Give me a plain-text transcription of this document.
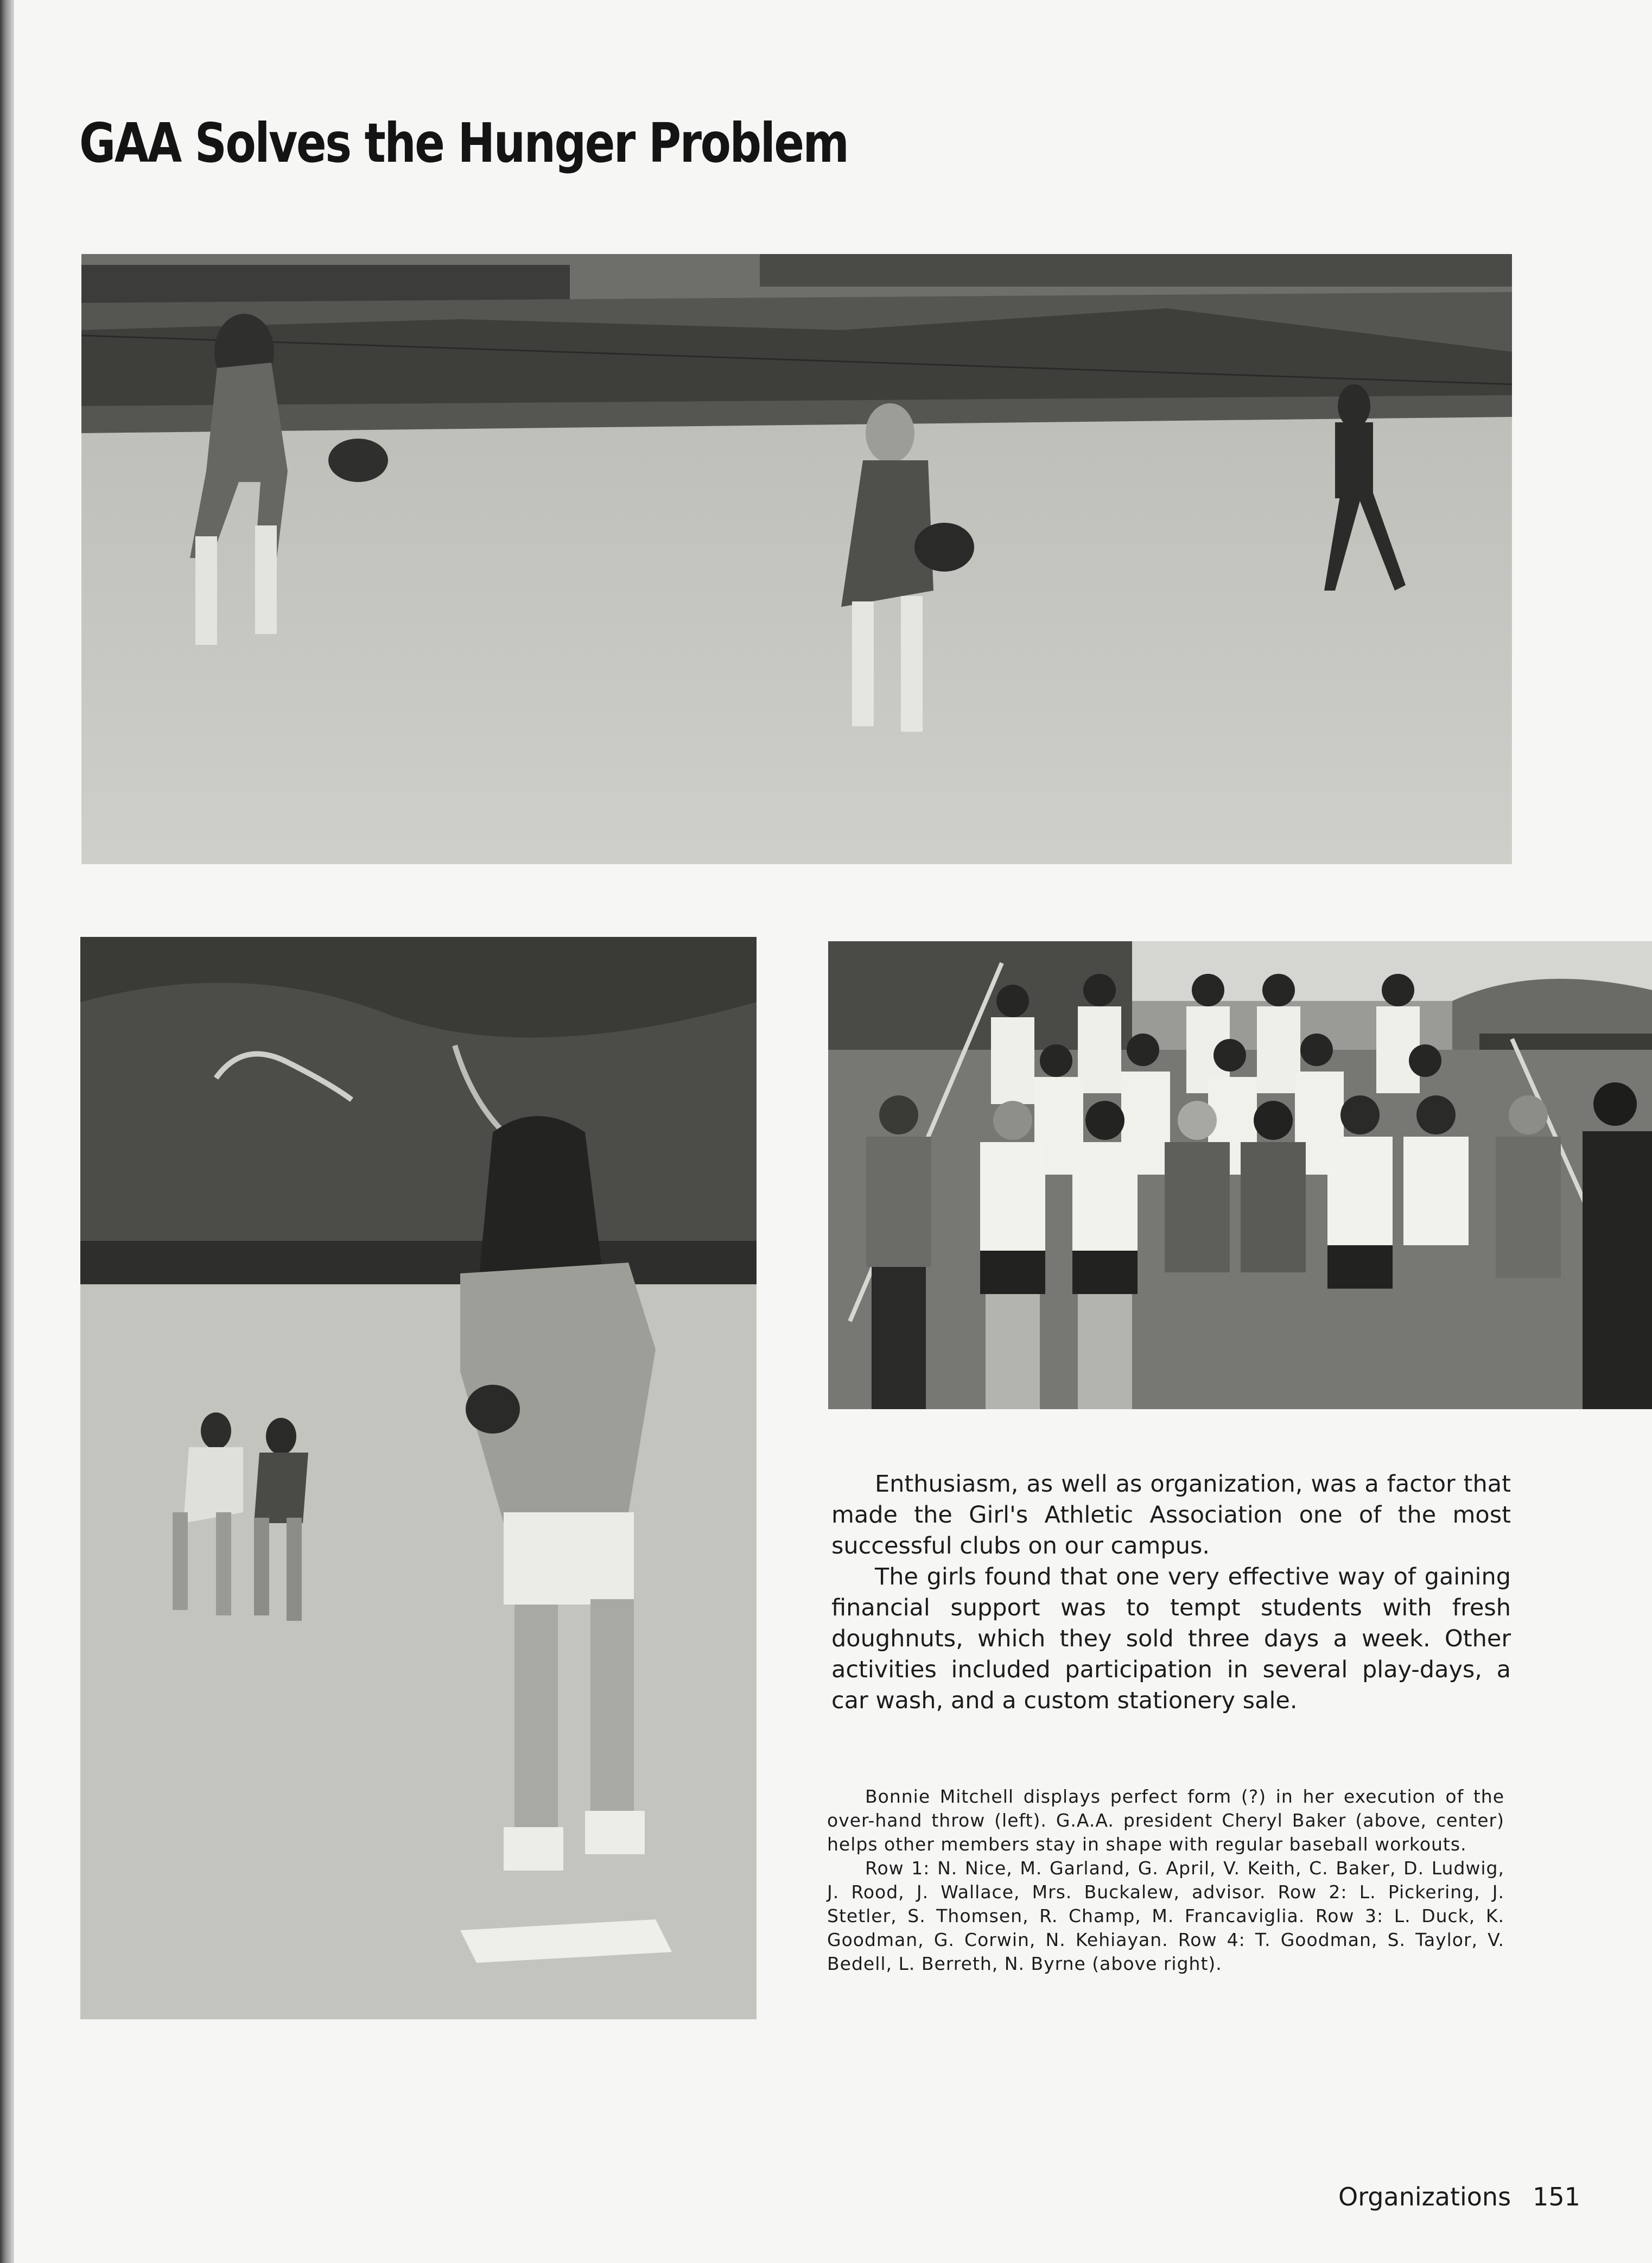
GAA Solves the Hunger Problem

Enthusiasm, as well as organization, was a factor that made the Girl's Athletic Association one of the most successful clubs on our campus.

The girls found that one very effective way of gaining financial support was to tempt students with fresh doughnuts, which they sold three days a week. Other activities included participation in several play-days, a car wash, and a custom stationery sale.

Bonnie Mitchell displays perfect form (?) in her execution of the over-hand throw (left). G.A.A. president Cheryl Baker (above, center) helps other members stay in shape with regular baseball workouts.

Row 1: N. Nice, M. Garland, G. April, V. Keith, C. Baker, D. Ludwig, J. Rood, J. Wallace, Mrs. Buckalew, advisor. Row 2: L. Pickering, J. Stetler, S. Thomsen, R. Champ, M. Francaviglia. Row 3: L. Duck, K. Goodman, G. Corwin, N. Kehiayan. Row 4: T. Goodman, S. Taylor, V. Bedell, L. Berreth, N. Byrne (above right).

Organizations 151
